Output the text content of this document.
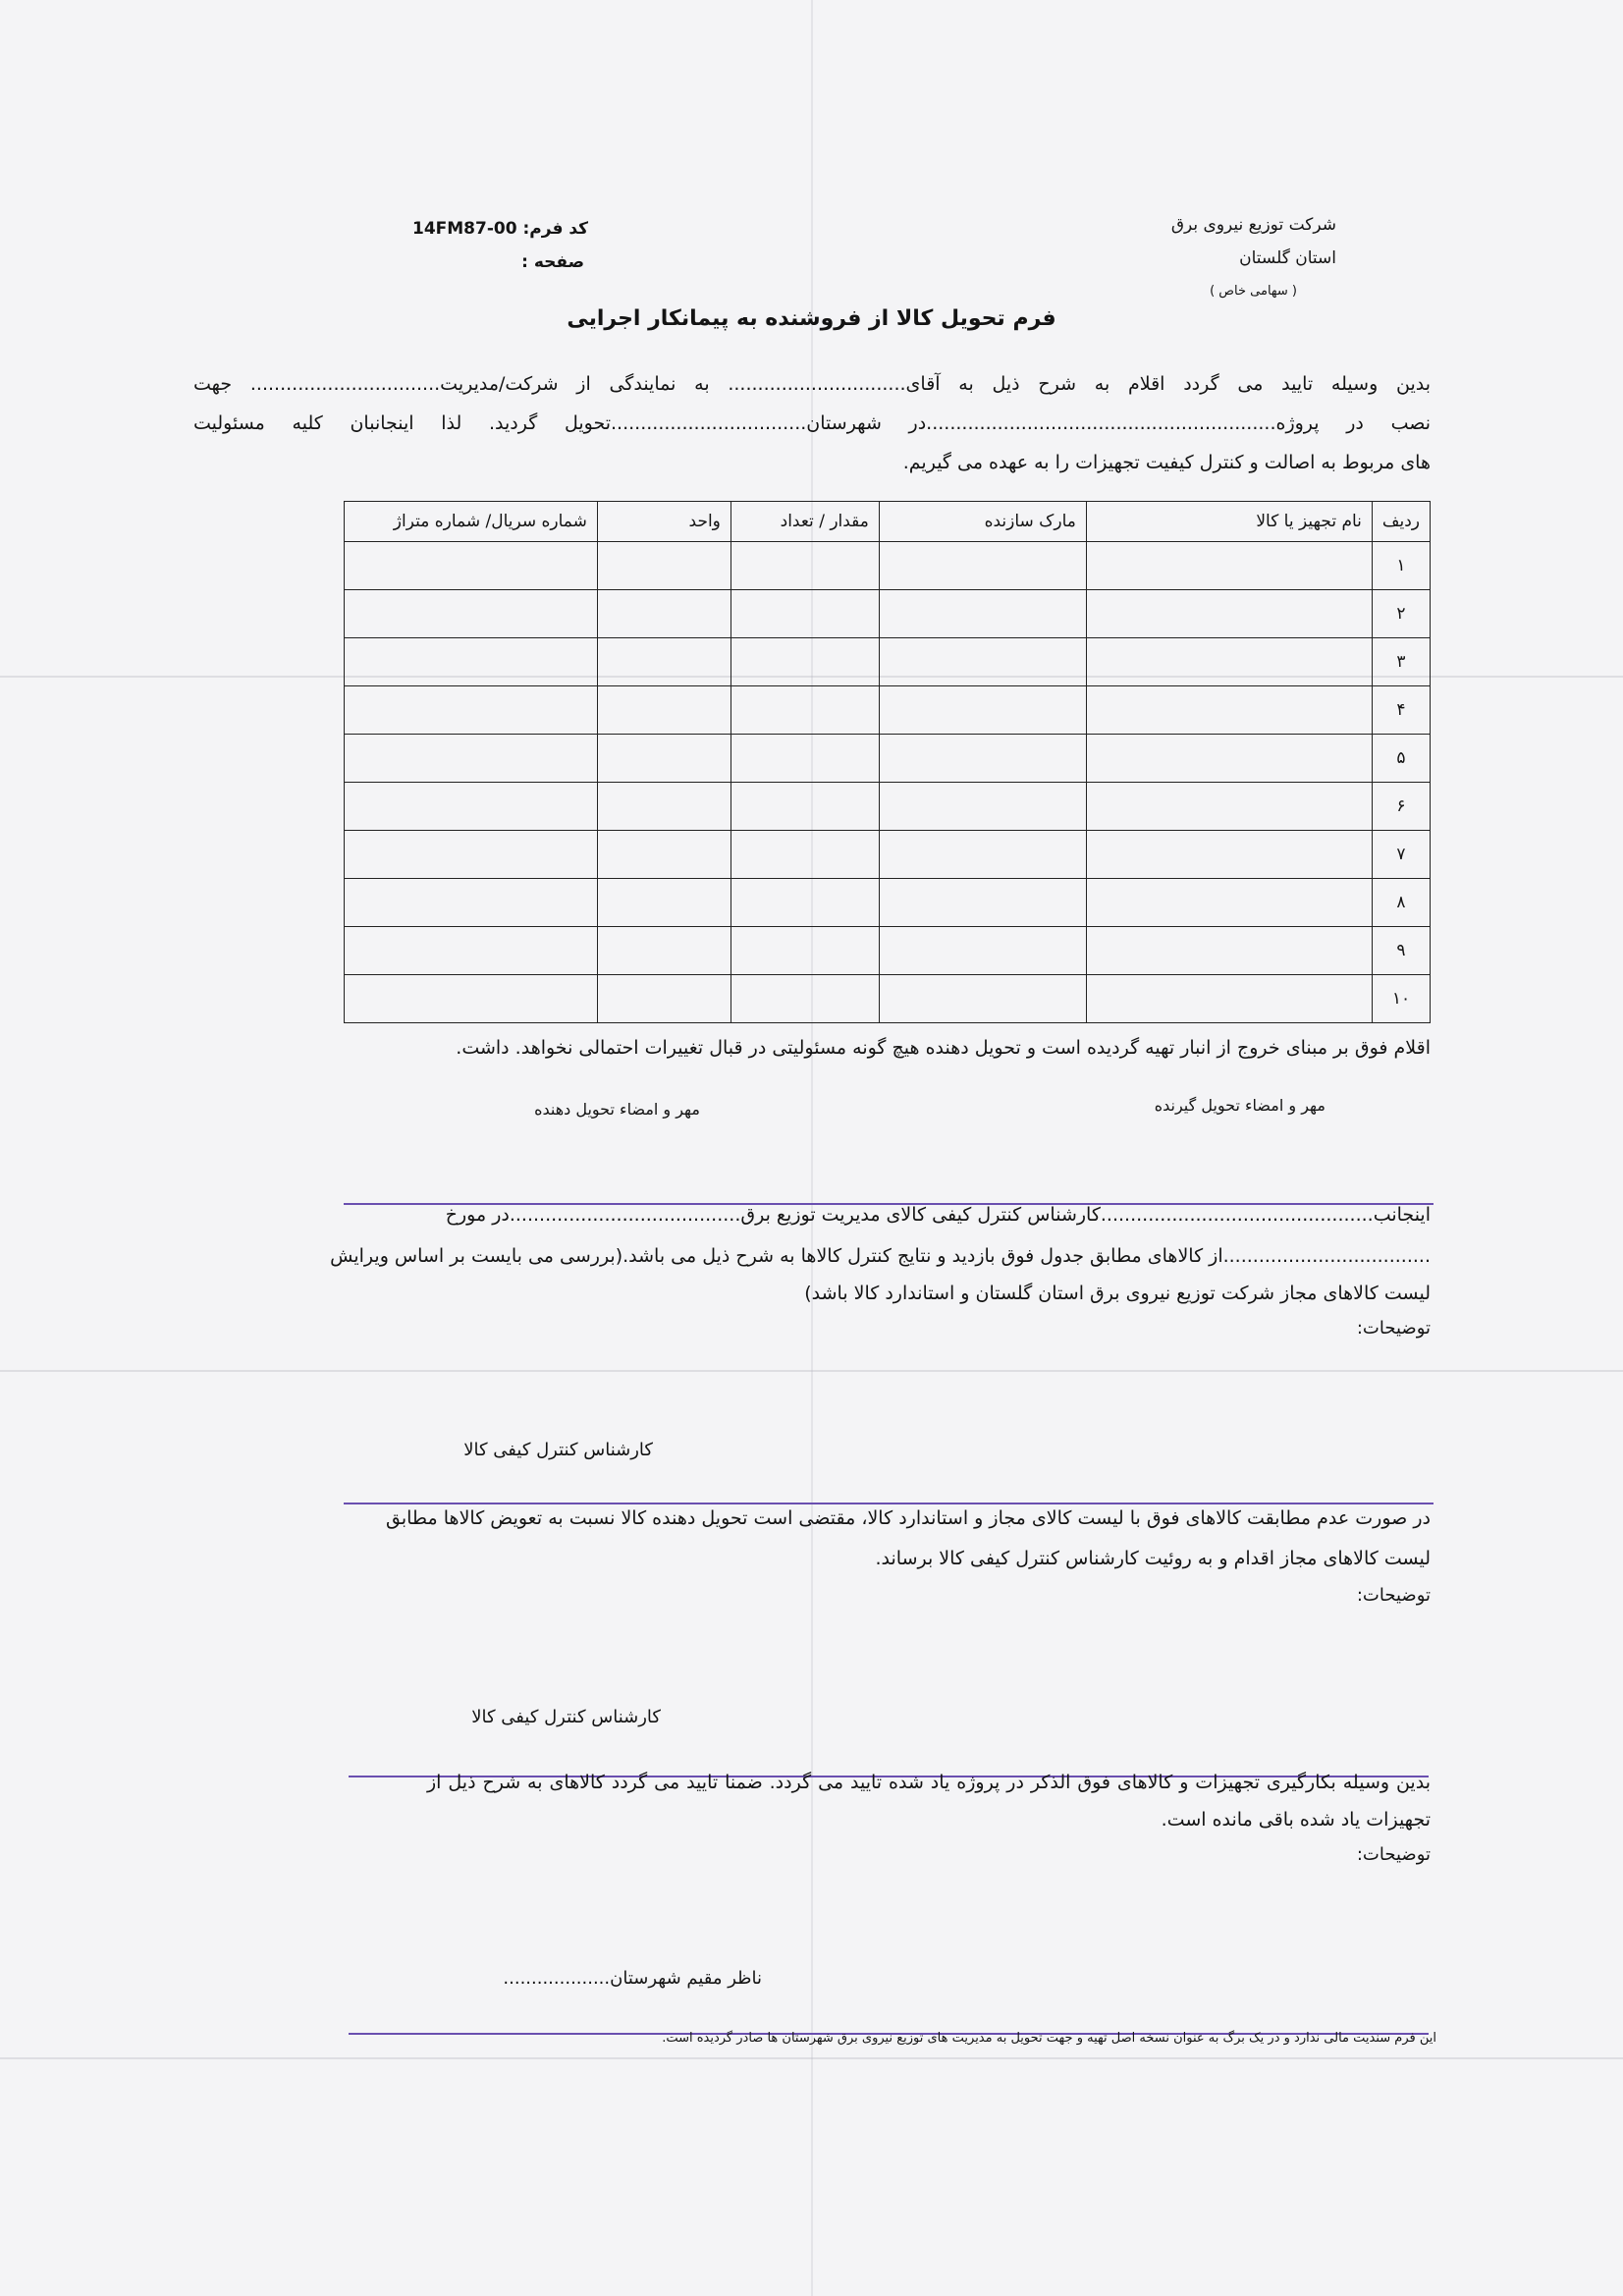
شرکت توزیع نیروی برق
استان گلستان
( سهامی خاص )
14FM87-00 کد فرم:
صفحه :
فرم تحویل کالا از فروشنده به پیمانکار اجرایی
بدین وسیله تایید می گردد اقلام به شرح ذیل به آقای.............................. به نمایندگی از شرکت/مدیریت................................ جهت
نصب در پروژه...........................................................در شهرستان.................................تحویل گردید. لذا اینجانبان کلیه مسئولیت
های مربوط به اصالت و کنترل کیفیت تجهیزات را به عهده می گیریم.
ردیف	نام تجهیز یا کالا	مارک سازنده	مقدار / تعداد	واحد	شماره سریال/ شماره متراژ
۱					
۲					
۳					
۴					
۵					
۶					
۷					
۸					
۹					
۱۰					
اقلام فوق بر مبنای خروج از انبار تهیه گردیده است و تحویل دهنده هیچ گونه مسئولیتی در قبال تغییرات احتمالی نخواهد. داشت.
مهر و امضاء تحویل گیرنده
مهر و امضاء تحویل دهنده
اینجانب..............................................کارشناس کنترل کیفی کالای مدیریت توزیع برق.......................................در مورخ
...................................از کالاهای مطابق جدول فوق بازدید و نتایج کنترل کالاها به شرح ذیل می باشد.(بررسی می بایست بر اساس ویرایش
لیست کالاهای مجاز شرکت توزیع نیروی برق استان گلستان و استاندارد کالا باشد)
توضیحات:
کارشناس کنترل کیفی کالا
در صورت عدم مطابقت کالاهای فوق با لیست کالای مجاز و استاندارد کالا، مقتضی است تحویل دهنده کالا نسبت به تعویض کالاها مطابق
لیست کالاهای مجاز اقدام و به روئیت کارشناس کنترل کیفی کالا برساند.
توضیحات:
کارشناس کنترل کیفی کالا
بدین وسیله بکارگیری تجهیزات و کالاهای فوق الذکر در پروژه یاد شده تایید می گردد. ضمنا تایید می گردد کالاهای به شرح ذیل از
تجهیزات یاد شده باقی مانده است.
توضیحات:
ناظر مقیم شهرستان...................
این فرم سندیت مالی ندارد و در یک برگ به عنوان نسخه اصل تهیه و جهت تحویل به مدیریت های توزیع نیروی برق شهرستان ها صادر گردیده است.
